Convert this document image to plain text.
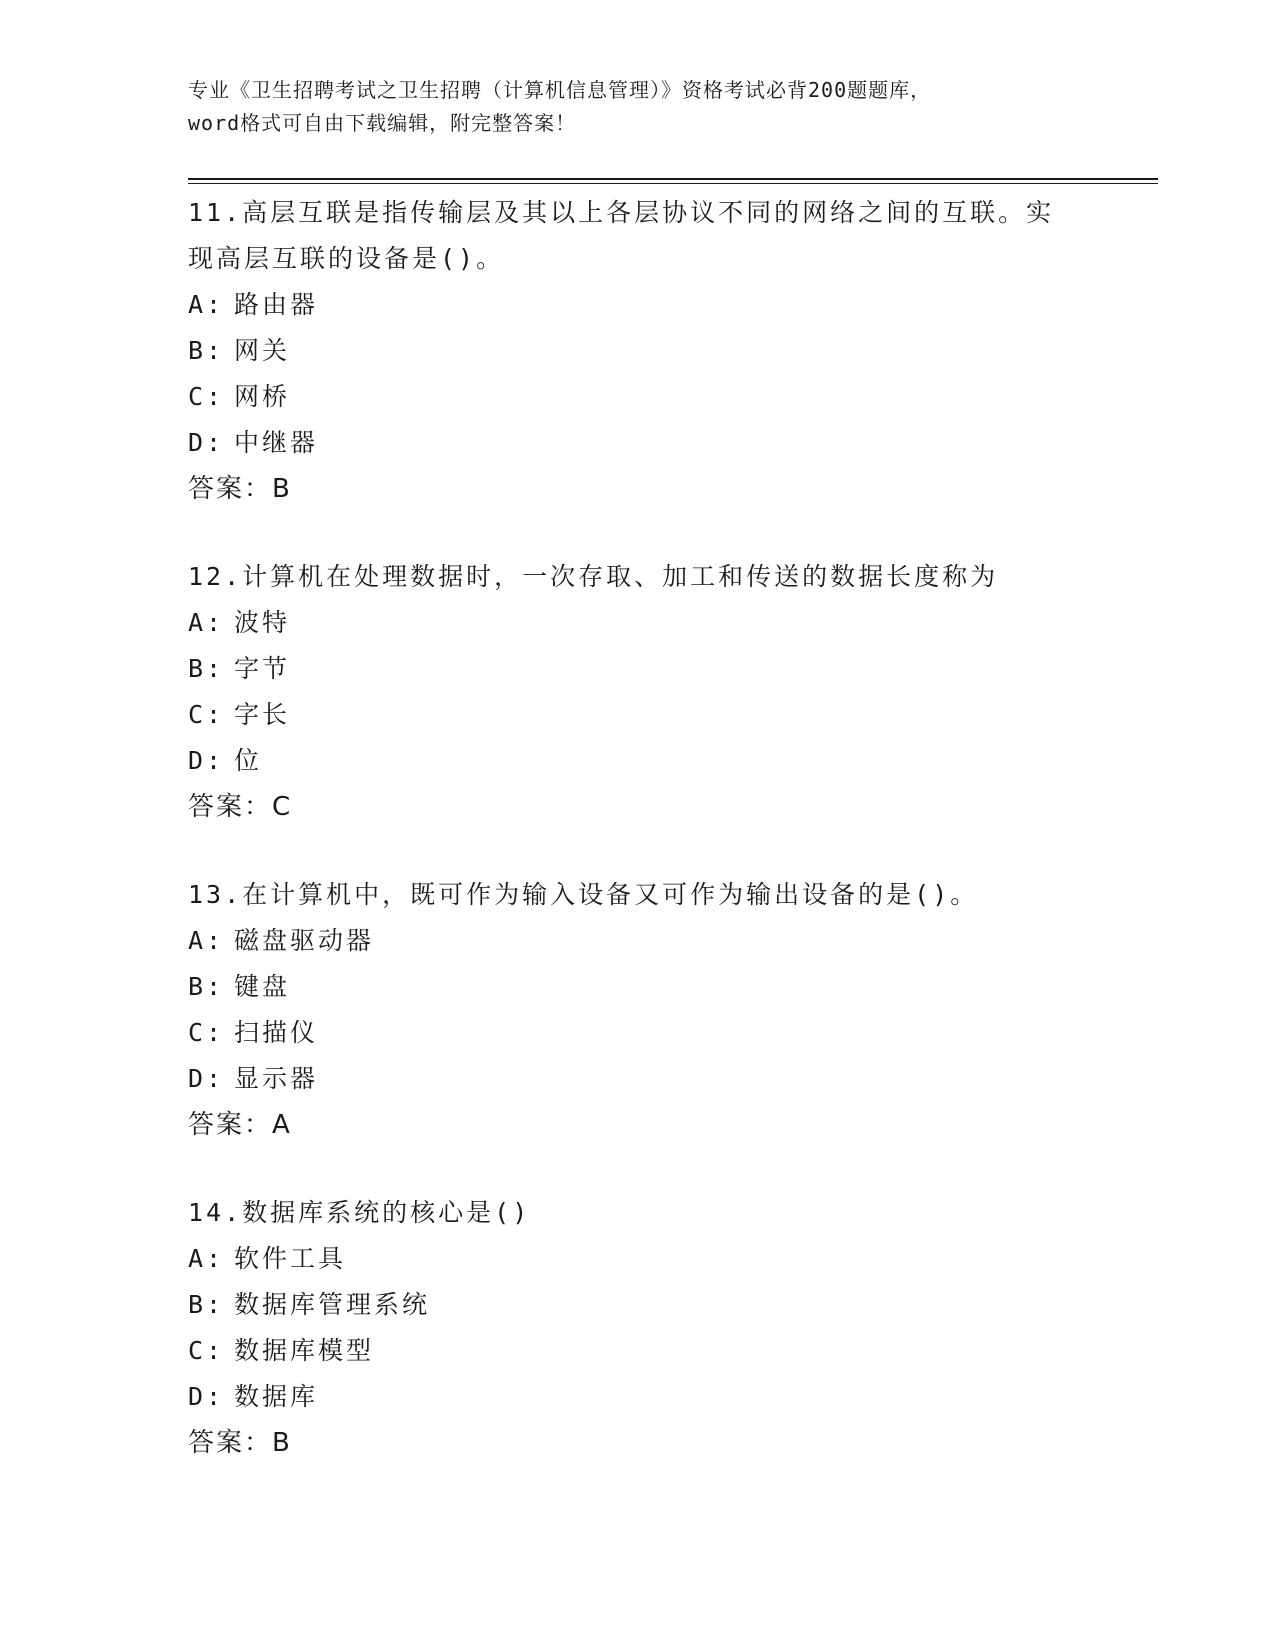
专业《卫生招聘考试之卫生招聘（计算机信息管理）》资格考试必背200题题库，
word格式可自由下载编辑，附完整答案！
11.高层互联是指传输层及其以上各层协议不同的网络之间的互联。实
现高层互联的设备是()。
A: 路由器
B: 网关
C: 网桥
D: 中继器
答案：B
12.计算机在处理数据时，一次存取、加工和传送的数据长度称为
A: 波特
B: 字节
C: 字长
D: 位
答案：C
13.在计算机中，既可作为输入设备又可作为输出设备的是()。
A: 磁盘驱动器
B: 键盘
C: 扫描仪
D: 显示器
答案：A
14.数据库系统的核心是()
A: 软件工具
B: 数据库管理系统
C: 数据库模型
D: 数据库
答案：B
